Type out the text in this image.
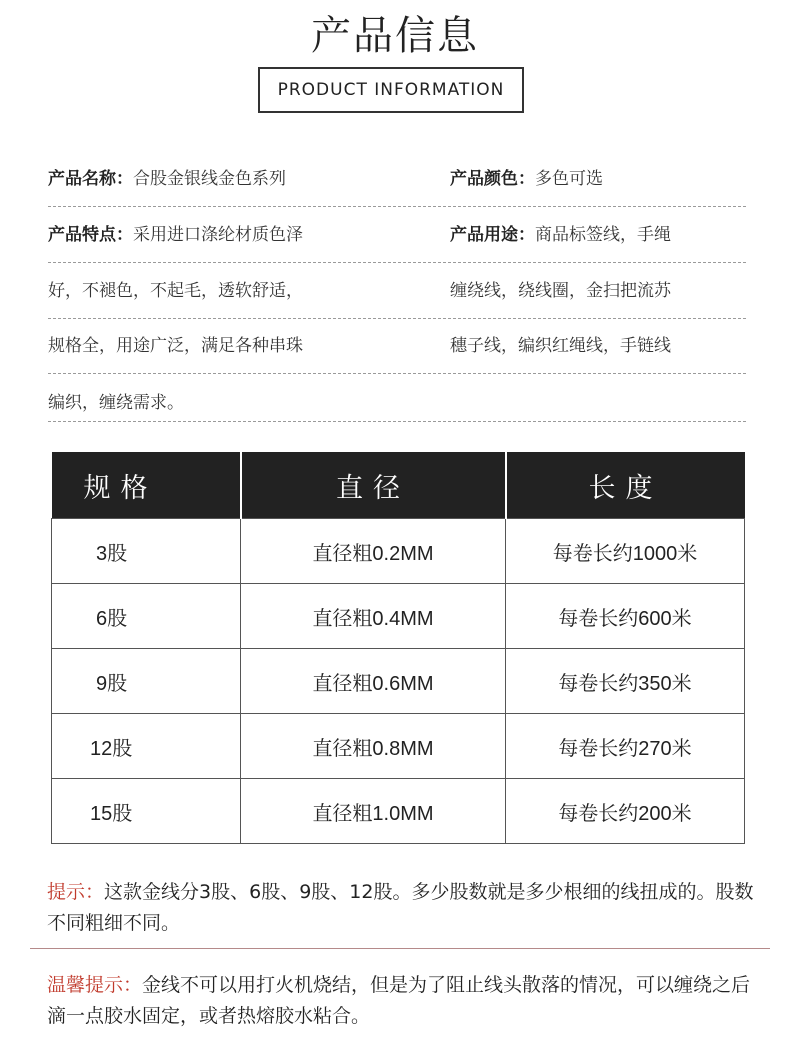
产品信息
PRODUCT INFORMATION
产品名称：合股金银线金色系列	产品颜色：多色可选
产品特点：采用进口涤纶材质色泽	产品用途：商品标签线，手绳
好，不褪色，不起毛，透软舒适，	缠绕线，绕线圈，金扫把流苏
规格全，用途广泛，满足各种串珠	穗子线，编织红绳线，手链线
编织，缠绕需求。
规格	直径	长度
3股	直径粗0.2MM	每卷长约1000米
6股	直径粗0.4MM	每卷长约600米
9股	直径粗0.6MM	每卷长约350米
12股	直径粗0.8MM	每卷长约270米
15股	直径粗1.0MM	每卷长约200米
提示：这款金线分3股、6股、9股、12股。多少股数就是多少根细的线扭成的。股数不同粗细不同。
温馨提示：金线不可以用打火机烧结，但是为了阻止线头散落的情况，可以缠绕之后滴一点胶水固定，或者热熔胶水粘合。
